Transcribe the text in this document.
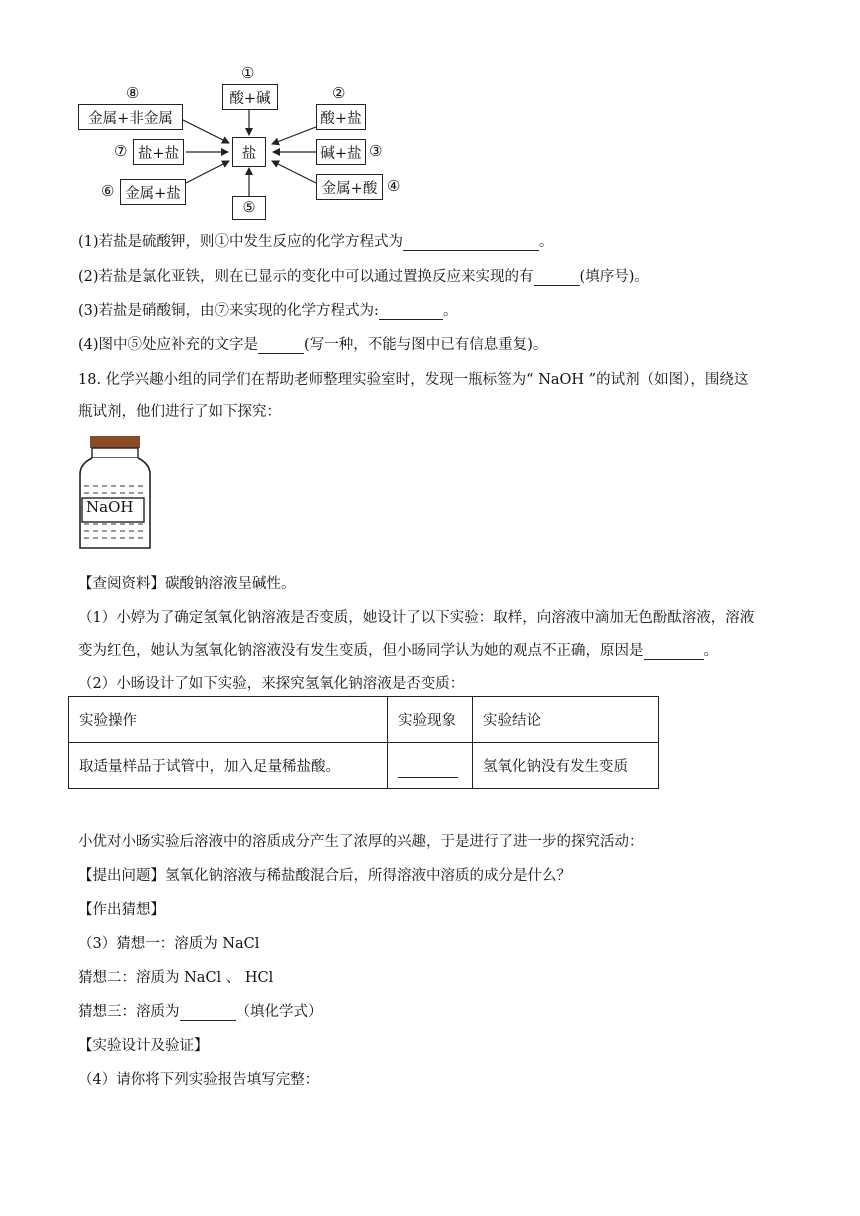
盐
①
酸+碱	②
酸+盐
碱+盐 ③
金属+酸 ④
⑤
⑥ 金属+盐
⑦ 盐+盐
⑧
金属+非金属
(1)若盐是硫酸钾，则①中发生反应的化学方程式为	。
(2)若盐是氯化亚铁，则在已显示的变化中可以通过置换反应来实现的有	(填序号)。
(3)若盐是硝酸铜，由⑦来实现的化学方程式为:	。
(4)图中⑤处应补充的文字是	(写一种，不能与图中已有信息重复)。
18. 化学兴趣小组的同学们在帮助老师整理实验室时，发现一瓶标签为“ NaOH ”的试剂（如图），围绕这
瓶试剂，他们进行了如下探究：
NaOH
【查阅资料】碳酸钠溶液呈碱性。
（1）小婷为了确定氢氧化钠溶液是否变质，她设计了以下实验：取样，向溶液中滴加无色酚酞溶液，溶液
变为红色，她认为氢氧化钠溶液没有发生变质，但小旸同学认为她的观点不正确，原因是	。
（2）小旸设计了如下实验，来探究氢氧化钠溶液是否变质：
实验操作	实验现象	实验结论
取适量样品于试管中，加入足量稀盐酸。		氢氧化钠没有发生变质
小优对小旸实验后溶液中的溶质成分产生了浓厚的兴趣，于是进行了进一步的探究活动：
【提出问题】氢氧化钠溶液与稀盐酸混合后，所得溶液中溶质的成分是什么？
【作出猜想】
（3）猜想一：溶质为 NaCl
猜想二：溶质为 NaCl 、 HCl
猜想三：溶质为	（填化学式）
【实验设计及验证】
（4）请你将下列实验报告填写完整：
